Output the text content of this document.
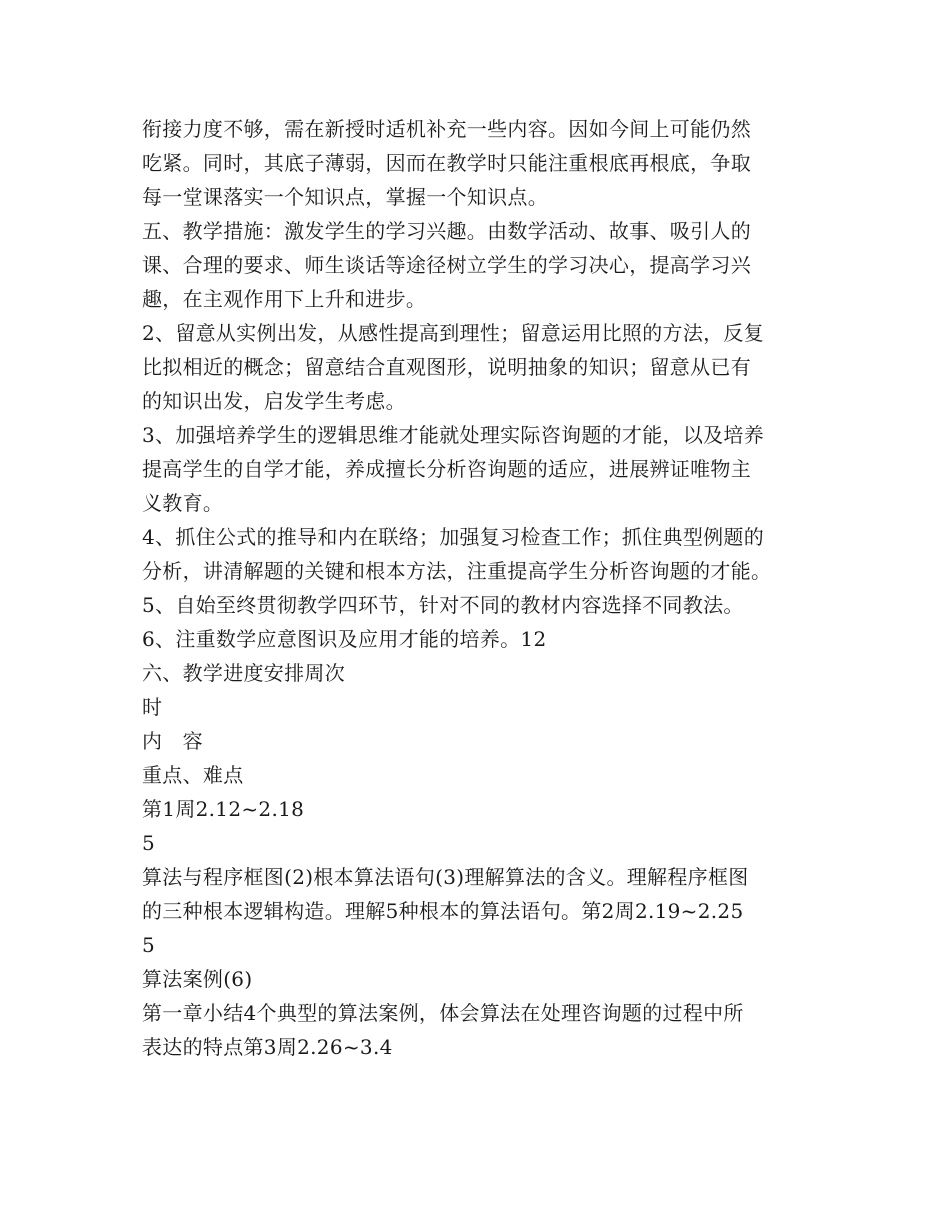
衔接力度不够，需在新授时适机补充一些内容。因如今间上可能仍然
吃紧。同时，其底子薄弱，因而在教学时只能注重根底再根底，争取
每一堂课落实一个知识点，掌握一个知识点。
五、教学措施：激发学生的学习兴趣。由数学活动、故事、吸引人的
课、合理的要求、师生谈话等途径树立学生的学习决心，提高学习兴
趣，在主观作用下上升和进步。
2、留意从实例出发，从感性提高到理性；留意运用比照的方法，反复
比拟相近的概念；留意结合直观图形，说明抽象的知识；留意从已有
的知识出发，启发学生考虑。
3、加强培养学生的逻辑思维才能就处理实际咨询题的才能，以及培养
提高学生的自学才能，养成擅长分析咨询题的适应，进展辨证唯物主
义教育。
4、抓住公式的推导和内在联络；加强复习检查工作；抓住典型例题的
分析，讲清解题的关键和根本方法，注重提高学生分析咨询题的才能。
5、自始至终贯彻教学四环节，针对不同的教材内容选择不同教法。
6、注重数学应意图识及应用才能的培养。12
六、教学进度安排周次
时
内　容
重点、难点
第1周2.12~2.18
5
算法与程序框图(2)根本算法语句(3)理解算法的含义。理解程序框图
的三种根本逻辑构造。理解5种根本的算法语句。第2周2.19~2.25
5
算法案例(6)
第一章小结4个典型的算法案例，体会算法在处理咨询题的过程中所
表达的特点第3周2.26~3.4
